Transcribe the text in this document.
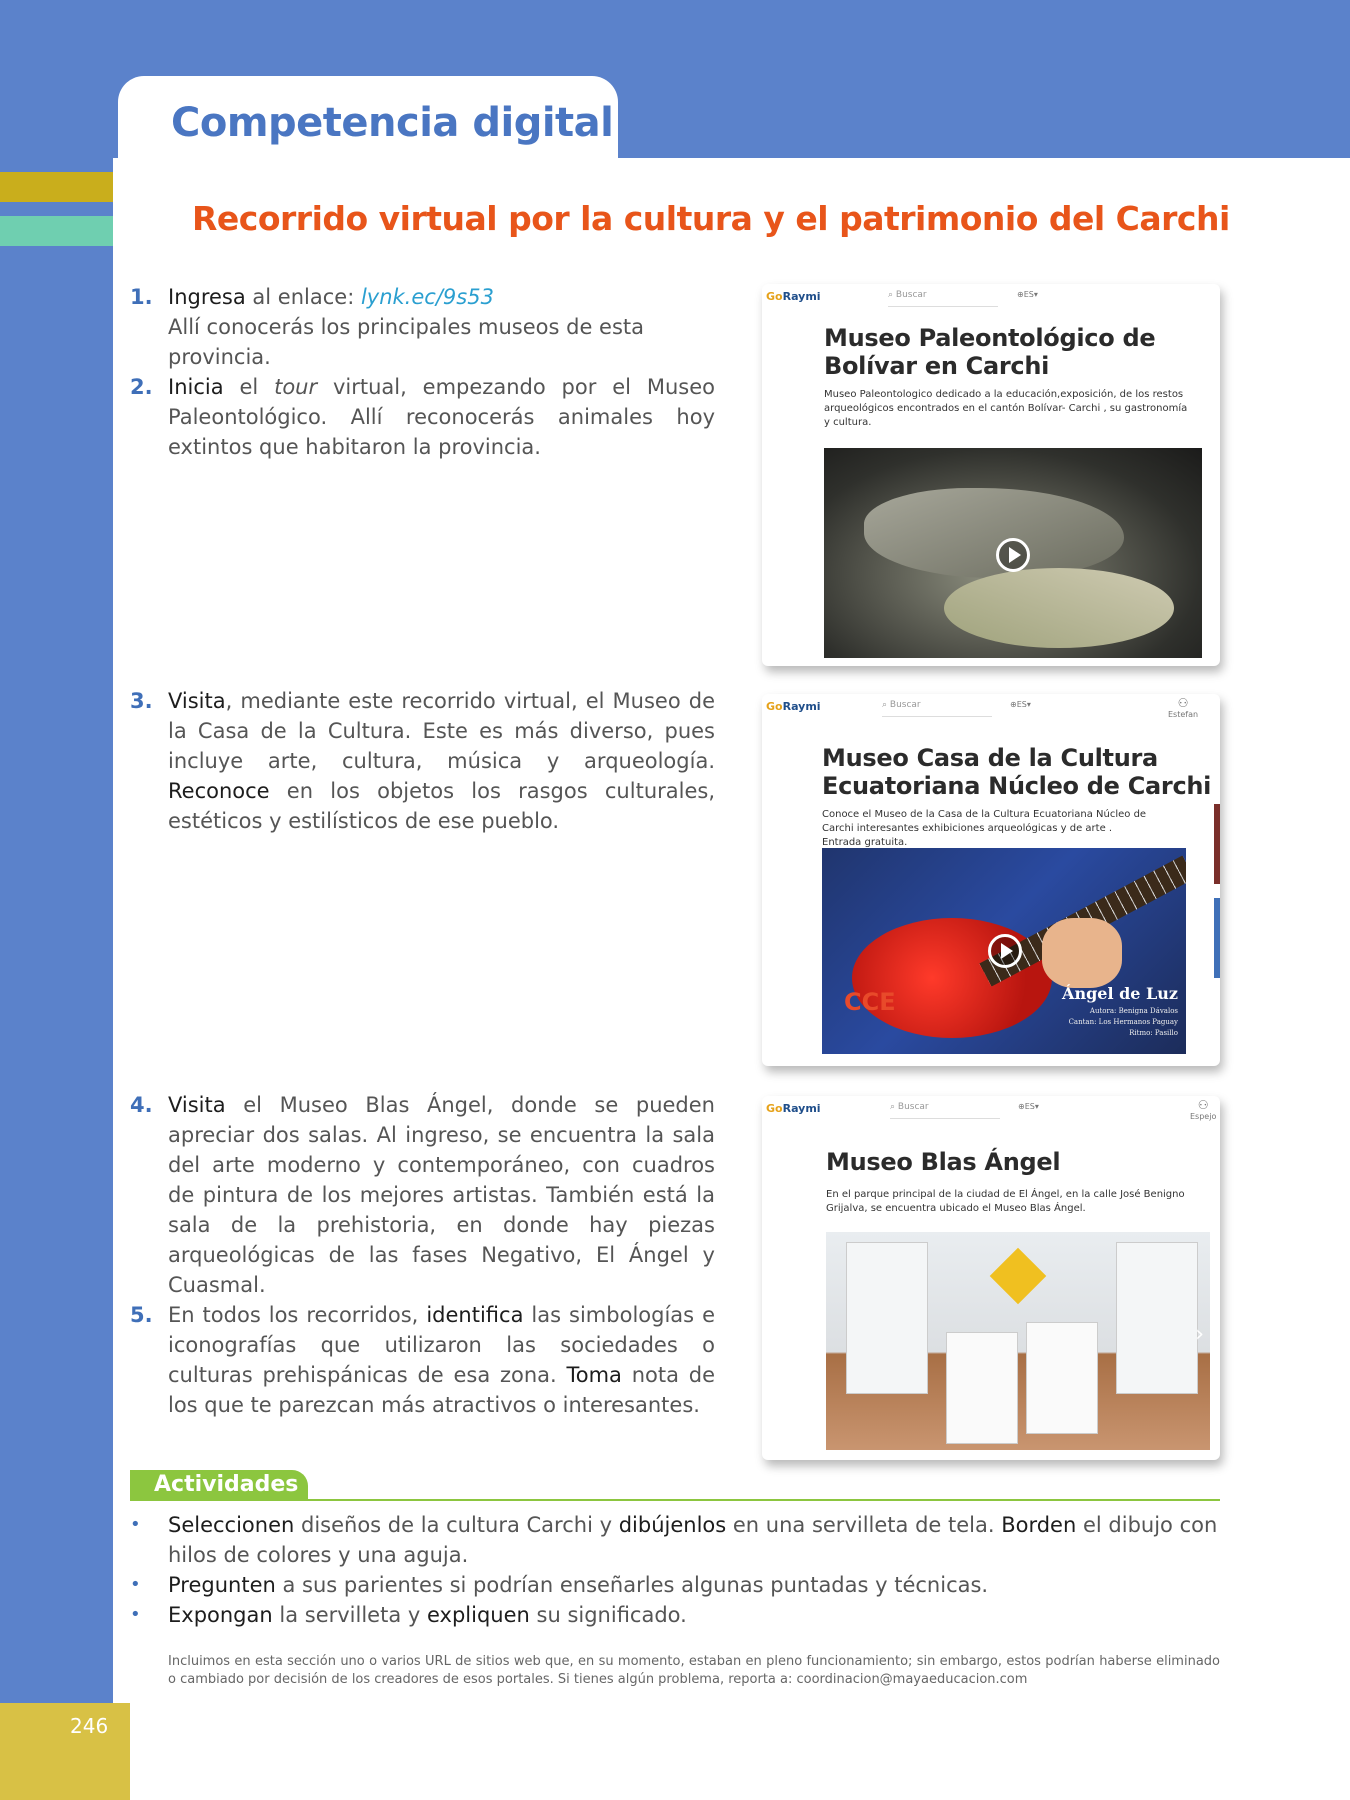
Competencia digital
Recorrido virtual por la cultura y el patrimonio del Carchi
1. Ingresa al enlace: lynk.ec/9s53
Allí conocerás los principales museos de esta provincia.
2. Inicia el tour virtual, empezando por el Museo Paleontológico. Allí reconocerás animales hoy extintos que habitaron la provincia.
3. Visita, mediante este recorrido virtual, el Museo de la Casa de la Cultura. Este es más diverso, pues incluye arte, cultura, música y arqueología. Reconoce en los objetos los rasgos culturales, estéticos y estilísticos de ese pueblo.
4. Visita el Museo Blas Ángel, donde se pueden apreciar dos salas. Al ingreso, se encuentra la sala del arte moderno y contemporáneo, con cuadros de pintura de los mejores artistas. También está la sala de la prehistoria, en donde hay piezas arqueológicas de las fases Negativo, El Ángel y Cuasmal.
5. En todos los recorridos, identifica las simbologías e iconografías que utilizaron las sociedades o culturas prehispánicas de esa zona. Toma nota de los que te parezcan más atractivos o interesantes.
GoRaymi	⌕ Buscar	⊕ES▾
Museo Paleontológico de Bolívar en Carchi

Museo Paleontologico dedicado a la educación,exposición, de los restos arqueológicos encontrados en el cantón Bolívar- Carchi , su gastronomía y cultura.

GoRaymi	⌕ Buscar	⊕ES▾	⚇
Estefan
Museo Casa de la Cultura Ecuatoriana Núcleo de Carchi

Conoce el Museo de la Casa de la Cultura Ecuatoriana Núcleo de Carchi interesantes exhibiciones arqueológicas y de arte . Entrada gratuita.

CCE	Ángel de Luz
Autora: Benigna Dávalos
Cantan: Los Hermanos Paguay
Ritmo: Pasillo
GoRaymi	⌕ Buscar	⊕ES▾	⚇
Espejo
Museo Blas Ángel

En el parque principal de la ciudad de El Ángel, en la calle José Benigno Grijalva, se encuentra ubicado el Museo Blas Ángel.

›
Actividades
•	Seleccionen diseños de la cultura Carchi y dibújenlos en una servilleta de tela. Borden el dibujo con hilos de colores y una aguja.
•	Pregunten a sus parientes si podrían enseñarles algunas puntadas y técnicas.
•	Expongan la servilleta y expliquen su significado.
Incluimos en esta sección uno o varios URL de sitios web que, en su momento, estaban en pleno funcionamiento; sin embargo, estos podrían haberse eliminado o cambiado por decisión de los creadores de esos portales. Si tienes algún problema, reporta a: coordinacion@mayaeducacion.com
246
